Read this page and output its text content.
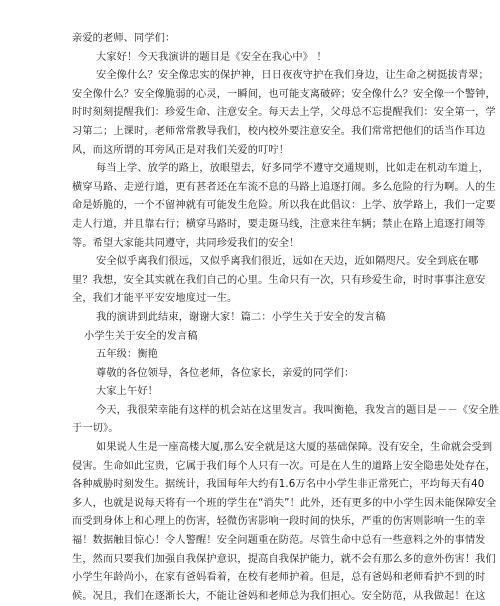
亲爱的老师、同学们：

大家好！今天我演讲的题目是《安全在我心中》 ！

安全像什么？安全像忠实的保护神，日日夜夜守护在我们身边，让生命之树挺拔青翠；

安全像什么？安全像脆弱的心灵，一瞬间，也可能支离破碎；安全像什么？安全像一个警钟，

时时刻刻提醒我们：珍爱生命、注意安全。每天去上学，父母总不忘提醒我们：安全第一，学

习第二；上课时，老师常常教导我们，校内校外要注意安全。我们常常把他们的话当作耳边

风，而这所谓的耳旁风正是对我们关爱的叮咛！

每当上学、放学的路上，放眼望去，好多同学不遵守交通规则，比如走在机动车道上，

横穿马路、走逆行道，更有甚者还在车流不息的马路上追逐打闹。多么危险的行为啊。人的生

命是娇脆的，一个不留神就有可能发生危险。所以我在此倡议：上学、放学路上，我们一定要

走人行道，并且靠右行；横穿马路时，要走斑马线，注意来往车辆；禁止在路上追逐打闹等

等。希望大家能共同遵守，共同珍爱我们的安全！

安全似乎离我们很远，又似乎离我们很近，远如在天边，近如隔咫尺。安全到底在哪

里？我想，安全其实就在我们自己的心里。生命只有一次，只有珍爱生命，时时事事注意安

全，我们才能平平安安地度过一生。

我的演讲到此结束，谢谢大家！篇二：小学生关于安全的发言稿

小学生关于安全的发言稿

五年级：衡艳

尊敬的各位领导，各位老师，各位家长，亲爱的同学们：

大家上午好！

今天，我很荣幸能有这样的机会站在这里发言。我叫衡艳，我发言的题目是－－《安全胜

于一切》。

如果说人生是一座高楼大厦,那么安全就是这大厦的基础保障。没有安全，生命就会受到

侵害。生命如此宝贵，它属于我们每个人只有一次。可是在人生的道路上安全隐患处处存在，

各种威胁时刻发生。据统计，我国每年大约有1.6万名中小学生非正常死亡，平均每天有40

多人，也就是说每天将有一个班的学生在“消失”！此外，还有更多的中小学生因未能保障安全

而受到身体上和心理上的伤害，轻微伤害影响一段时间的快乐，严重的伤害则影响一生的幸

福！数据触目惊心！令人警醒！安全问题重在防范。尽管生命中总有一些意料之外的事情发

生，然而只要我们加强自我保护意识，提高自我保护能力，就不会有那么多的意外伤害！我们

小学生年龄尚小，在家有爸妈看着，在校有老师护着。但是，总有爸妈和老师看护不到的时

候。况且，我们在逐渐长大，不能让爸妈和老师总为我们担心。安全防范，从我做起！在这
